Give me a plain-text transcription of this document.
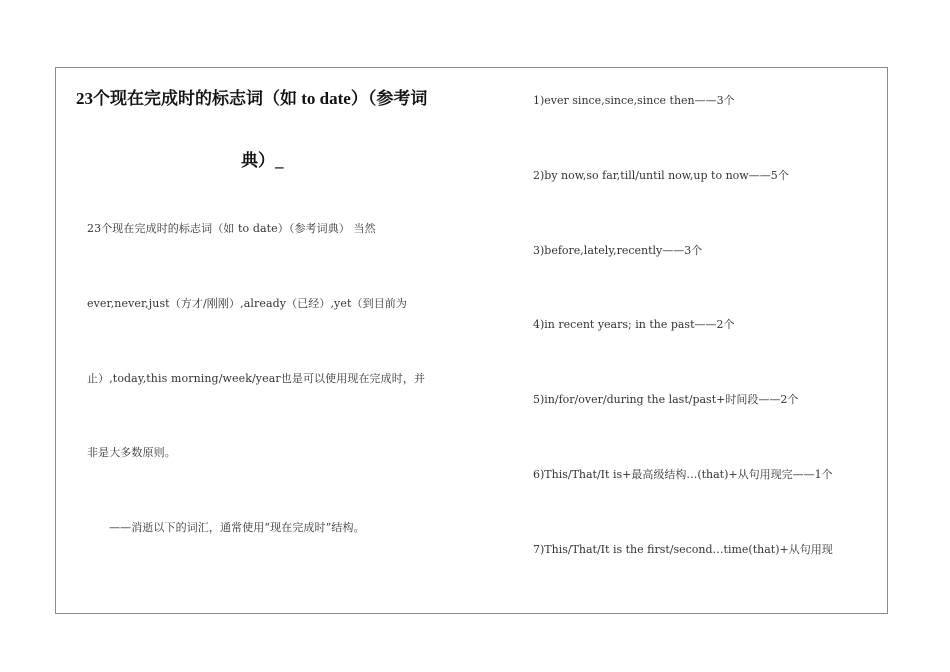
23个现在完成时的标志词（如 to date）（参考词
典）_

23个现在完成时的标志词（如 to date）（参考词典） 当然

ever,never,just（方才/刚刚）,already（已经）,yet（到目前为

止）,today,this morning/week/year也是可以使用现在完成时，并

非是大多数原则。

——消逝以下的词汇，通常使用“现在完成时”结构。

1)ever since,since,since then——3个

2)by now,so far,till/until now,up to now——5个

3)before,lately,recently——3个

4)in recent years; in the past——2个

5)in/for/over/during the last/past+时间段——2个

6)This/That/It is+最高级结构…(that)+从句用现完——1个

7)This/That/It is the first/second…time(that)+从句用现
